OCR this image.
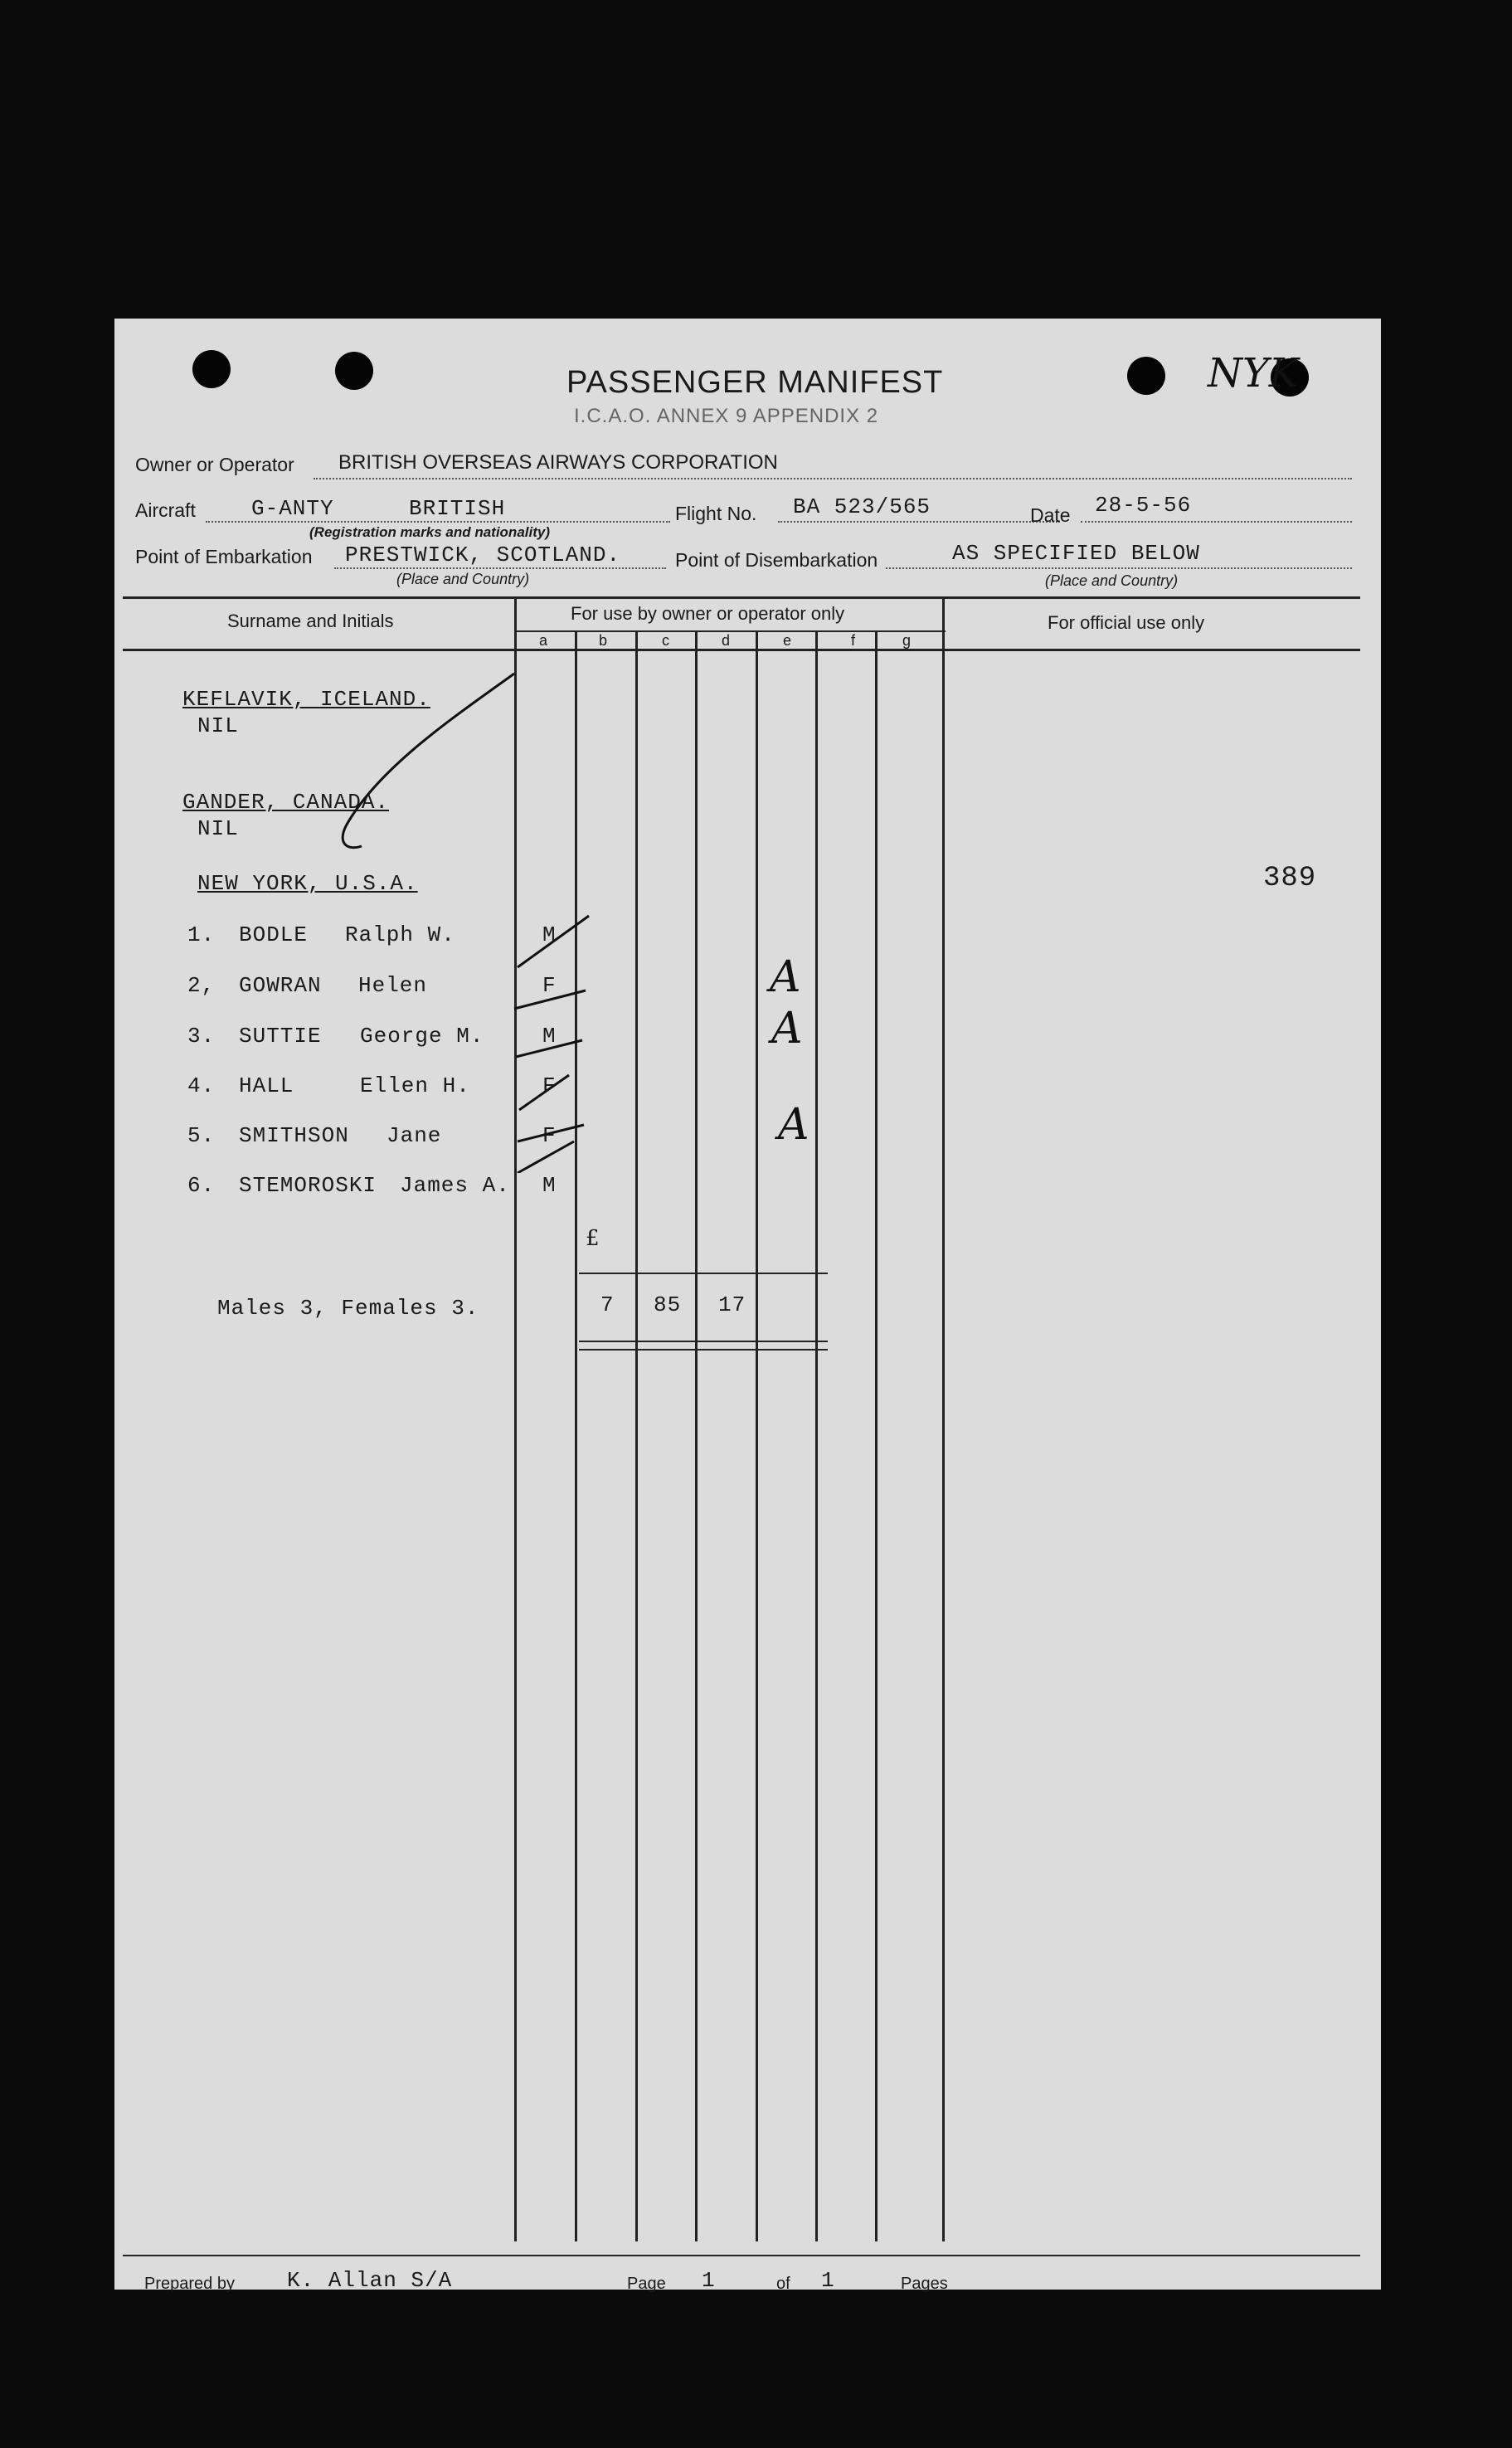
PASSENGER MANIFEST
I.C.A.O. ANNEX 9 APPENDIX 2
NYK
Owner or Operator BRITISH OVERSEAS AIRWAYS CORPORATION
Aircraft	G-ANTY	BRITISH
(Registration marks and nationality)
Flight No. BA 523/565	Date 28-5-56
Point of Embarkation PRESTWICK, SCOTLAND.
(Place and Country)
Point of Disembarkation	AS SPECIFIED BELOW
(Place and Country)
Surname and Initials	For use by owner or operator only	For official use only
a	b	c	d	e	f	g
KEFLAVIK, ICELAND.
NIL
GANDER, CANADA.
NIL
NEW YORK, U.S.A.
1. BODLE Ralph W.	M
2, GOWRAN Helen	F	A
3. SUTTIE George M.	M	A
4. HALL	Ellen H.	F
5. SMITHSON Jane	F	A
6. STEMOROSKI James A. M
£
Males 3, Females 3.	7 85 17
389
Prepared by K. Allan S/A	Page 1	of 1	Pages
